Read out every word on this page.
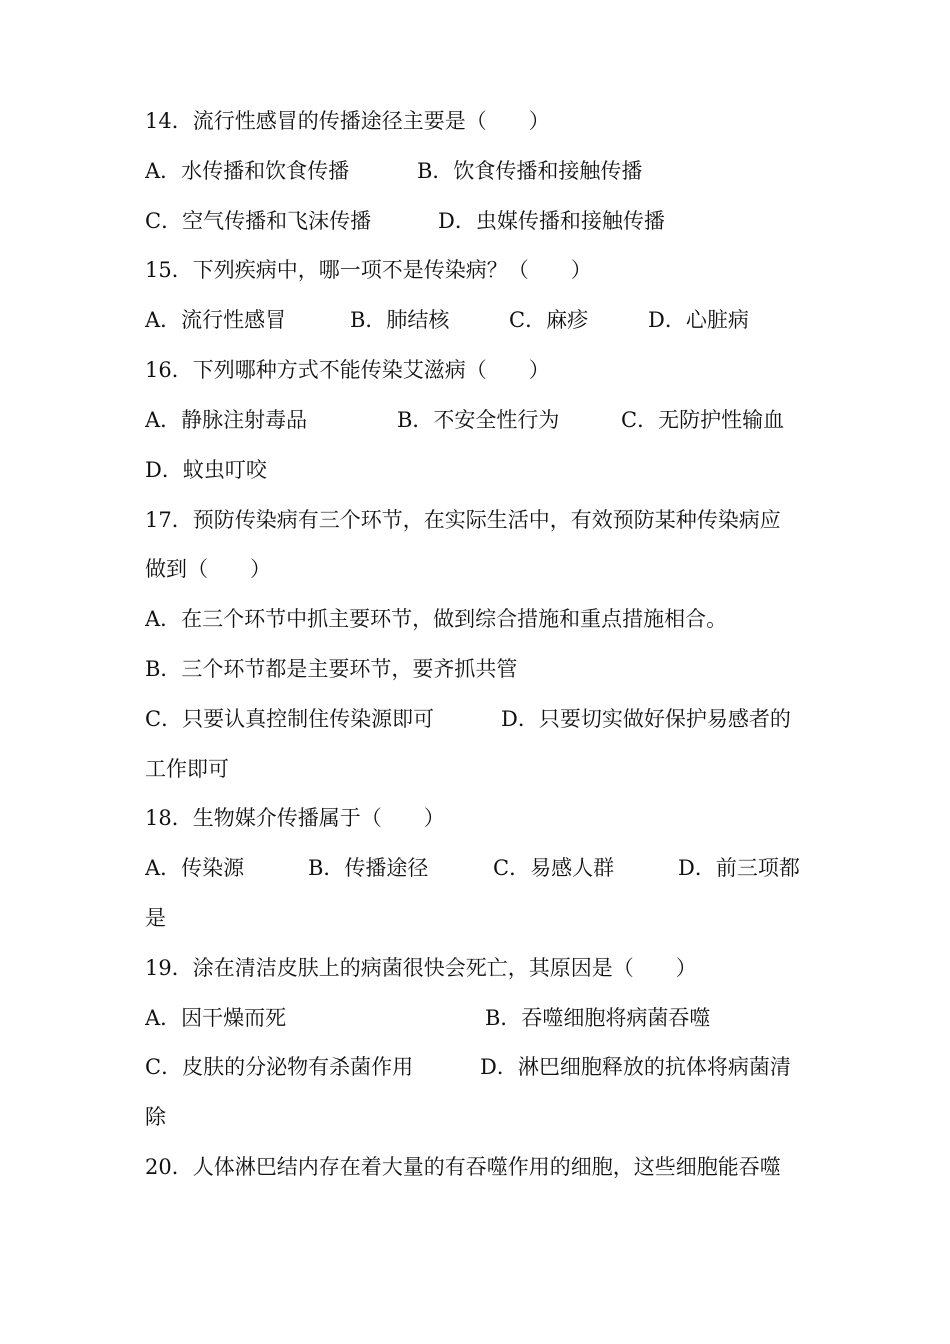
14．流行性感冒的传播途径主要是（　　）
A．水传播和饮食传播	B．饮食传播和接触传播
C．空气传播和飞沫传播	D．虫媒传播和接触传播
15．下列疾病中，哪一项不是传染病？（　　）
A．流行性感冒	B．肺结核	C．麻疹	D．心脏病
16．下列哪种方式不能传染艾滋病（　　）
A．静脉注射毒品	B．不安全性行为	C．无防护性输血
D．蚊虫叮咬
17．预防传染病有三个环节，在实际生活中，有效预防某种传染病应
做到（　　）
A．在三个环节中抓主要环节，做到综合措施和重点措施相合。
B．三个环节都是主要环节，要齐抓共管
C．只要认真控制住传染源即可	D．只要切实做好保护易感者的
工作即可
18．生物媒介传播属于（　　）
A．传染源	B．传播途径	C．易感人群	D．前三项都
是
19．涂在清洁皮肤上的病菌很快会死亡，其原因是（　　）
A．因干燥而死	B．吞噬细胞将病菌吞噬
C．皮肤的分泌物有杀菌作用	D．淋巴细胞释放的抗体将病菌清
除
20．人体淋巴结内存在着大量的有吞噬作用的细胞，这些细胞能吞噬
